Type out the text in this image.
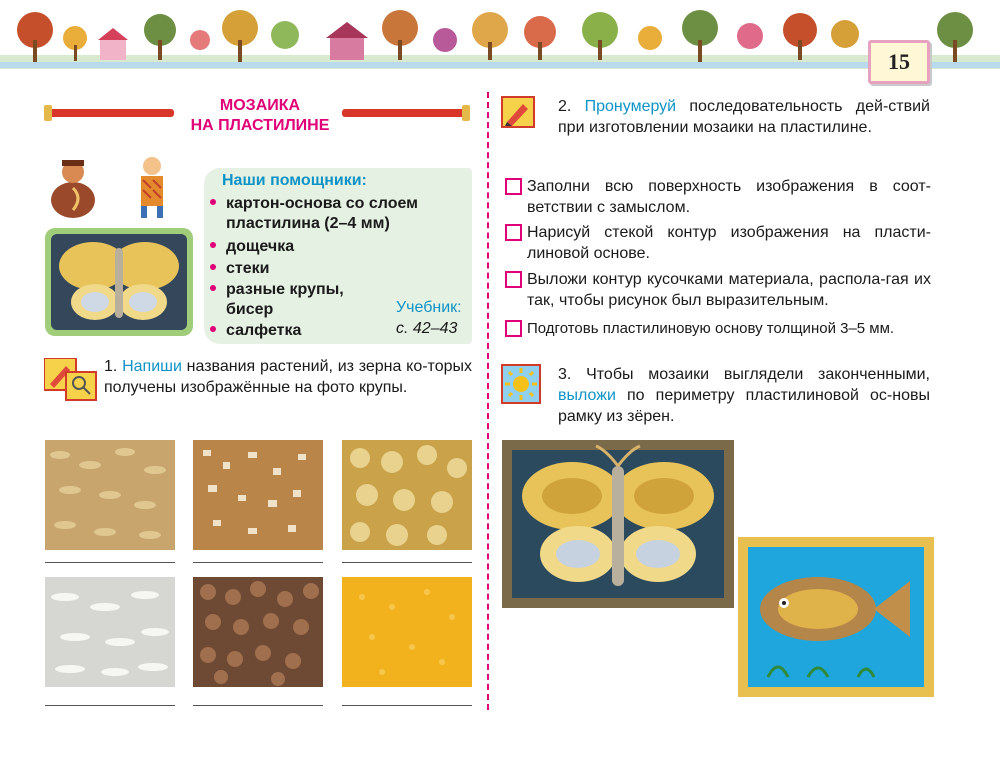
15
МОЗАИКА
НА ПЛАСТИЛИНЕ
Наши помощники:
картон-основа со слоем
пластилина (2–4 мм)
дощечка
стеки
разные крупы,
бисер
салфетка
Учебник:
с. 42–43
1. Напиши названия растений, из зерна ко-торых получены изображённые на фото крупы.
2. Пронумеруй последовательность дей-ствий при изготовлении мозаики на пластилине.
Заполни всю поверхность изображения в соот-ветствии с замыслом.
Нарисуй стекой контур изображения на пласти-линовой основе.
Выложи контур кусочками материала, распола-гая их так, чтобы рисунок был выразительным.
Подготовь пластилиновую основу толщиной 3–5 мм.
3. Чтобы мозаики выглядели законченными, выложи по периметру пластилиновой ос-новы рамку из зёрен.
